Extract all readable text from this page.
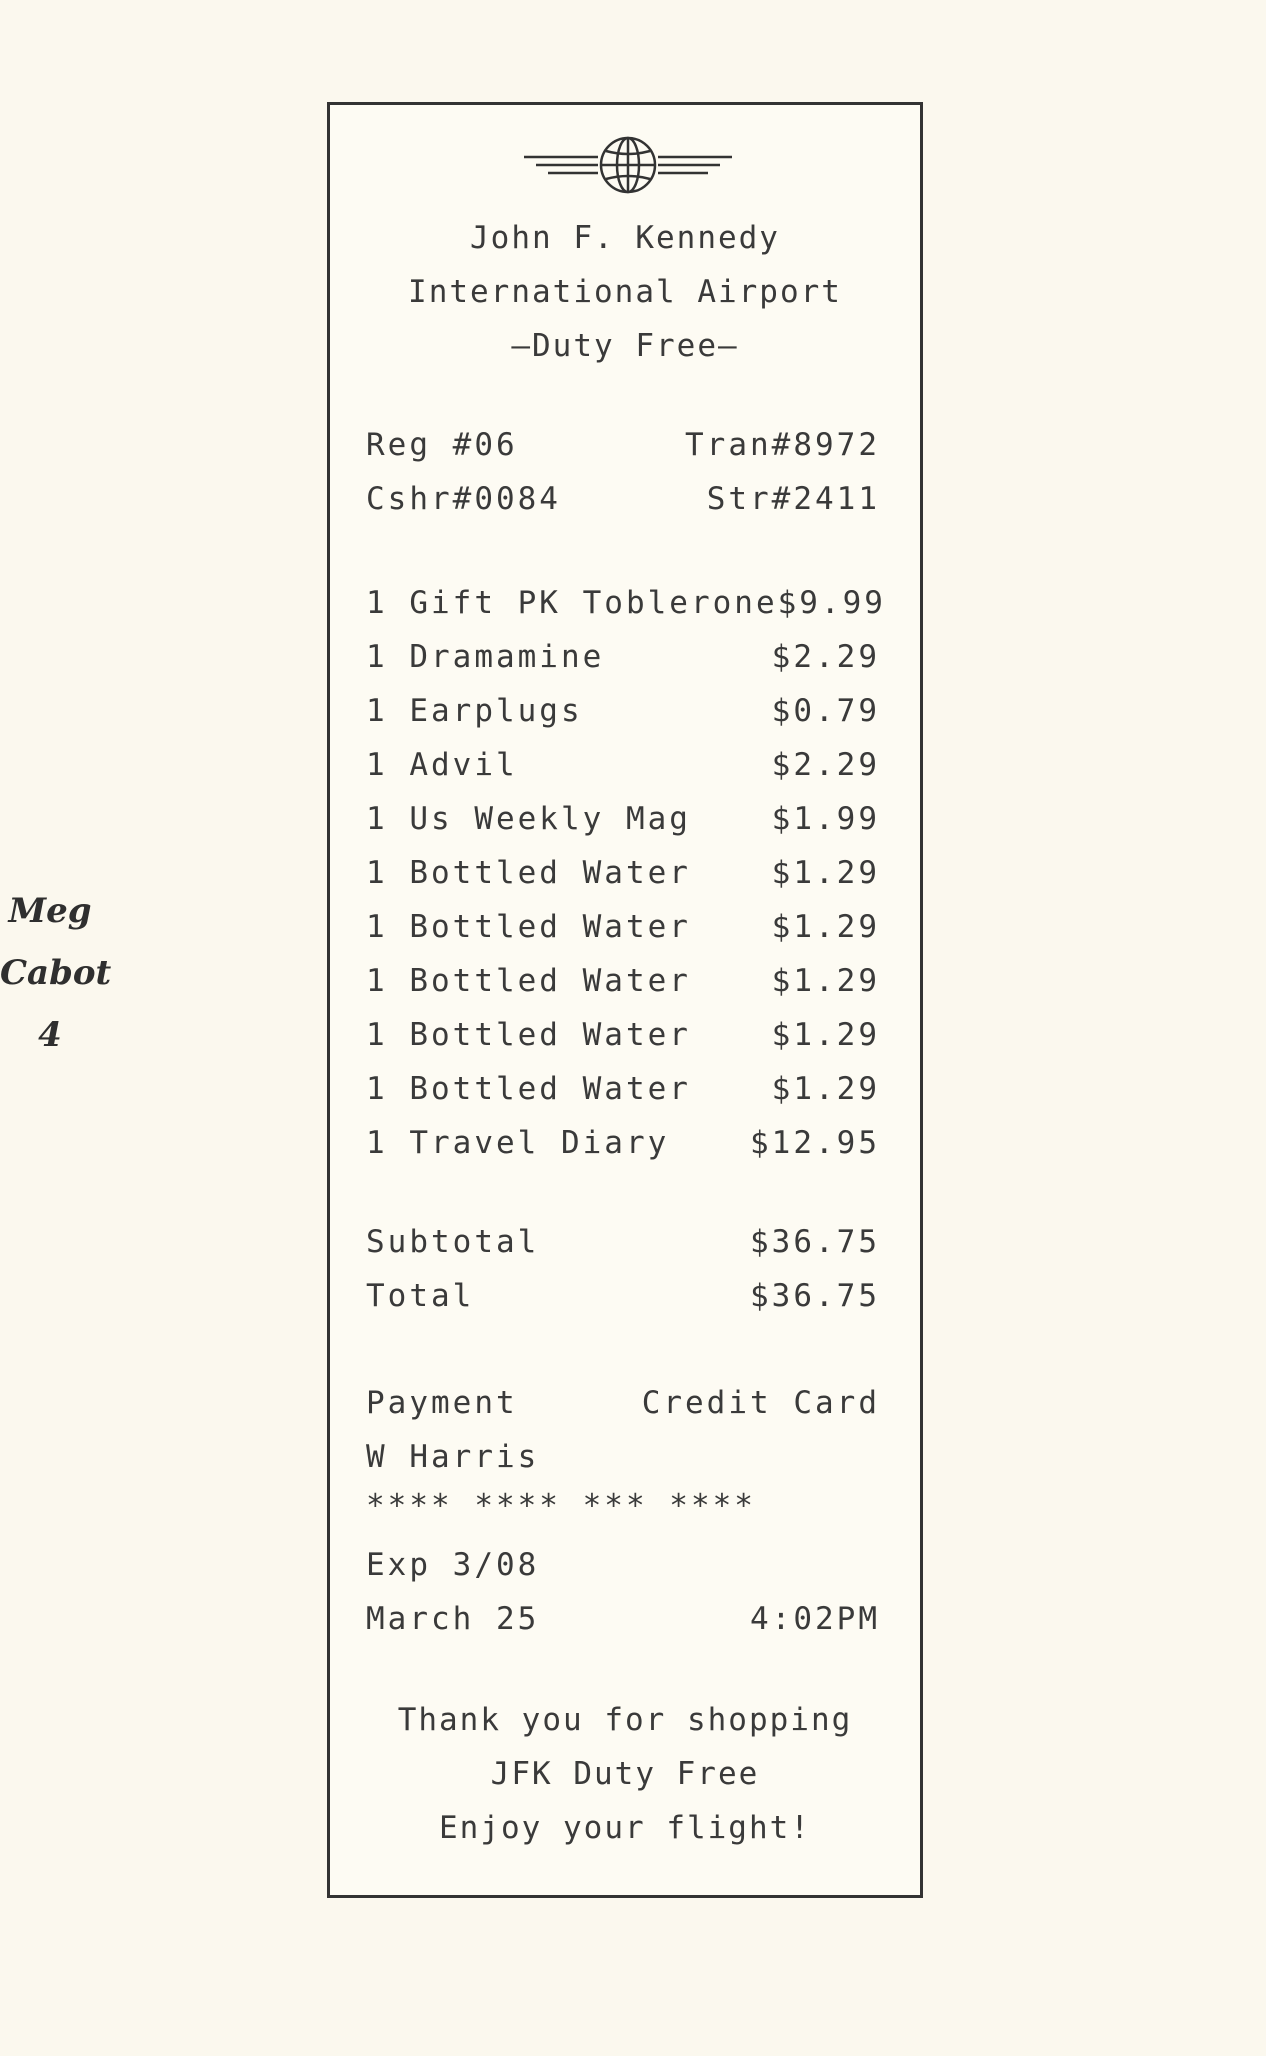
Meg
Cabot
4
John F. Kennedy
International Airport
—Duty Free—
Reg #06	Tran#8972
Cshr#0084	Str#2411
1 Gift PK Toblerone $9.99
1 Dramamine	$2.29
1 Earplugs	$0.79
1 Advil	$2.29
1 Us Weekly Mag	$1.99
1 Bottled Water	$1.29
1 Bottled Water	$1.29
1 Bottled Water	$1.29
1 Bottled Water	$1.29
1 Bottled Water	$1.29
1 Travel Diary	$12.95
Subtotal	$36.75
Total	$36.75
Payment	Credit Card
W Harris
**** **** *** ****
Exp 3/08
March 25	4:02PM
Thank you for shopping
JFK Duty Free
Enjoy your flight!
